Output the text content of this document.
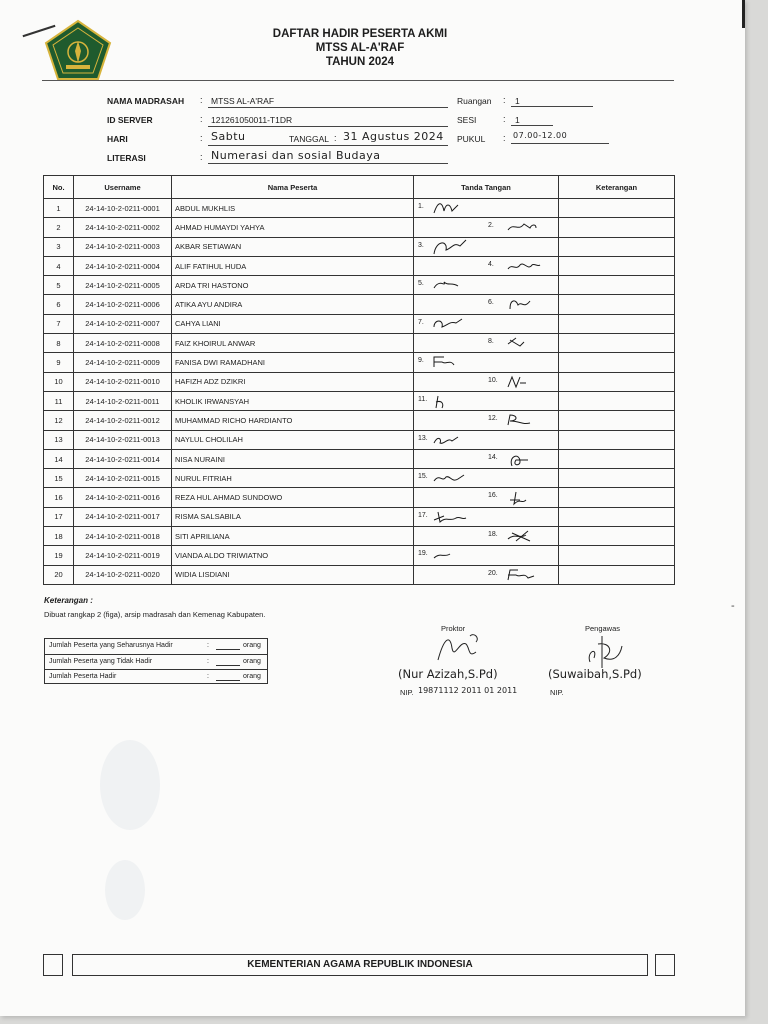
-
DAFTAR HADIR PESERTA AKMI
MTSS AL-A'RAF
TAHUN 2024
NAMA MADRASAH : MTSS AL-A'RAF
ID SERVER	: 121261050011-T1DR
HARI	: Sabtu	TANGGAL : 31 Agustus 2024
LITERASI	: Numerasi dan sosial Budaya
Ruangan : 1
SESI	: 1
PUKUL : 07.00-12.00
No.	Username	Nama Peserta	Tanda Tangan	Keterangan
1	24-14-10-2-0211-0001	ABDUL MUKHLIS	1.	

2	24-14-10-2-0211-0002	AHMAD HUMAYDI YAHYA	2.	

3	24-14-10-2-0211-0003	AKBAR SETIAWAN	3.	

4	24-14-10-2-0211-0004	ALIF FATIHUL HUDA	4.	

5	24-14-10-2-0211-0005	ARDA TRI HASTONO	5.	

6	24-14-10-2-0211-0006	ATIKA AYU ANDIRA	6.	

7	24-14-10-2-0211-0007	CAHYA LIANI	7.	

8	24-14-10-2-0211-0008	FAIZ KHOIRUL ANWAR	8.	

9	24-14-10-2-0211-0009	FANISA DWI RAMADHANI	9.	

10	24-14-10-2-0211-0010	HAFIZH ADZ DZIKRI	10.	

11	24-14-10-2-0211-0011	KHOLIK IRWANSYAH	11.	

12	24-14-10-2-0211-0012	MUHAMMAD RICHO HARDIANTO	12.	

13	24-14-10-2-0211-0013	NAYLUL CHOLILAH	13.	

14	24-14-10-2-0211-0014	NISA NURAINI	14.	

15	24-14-10-2-0211-0015	NURUL FITRIAH	15.	

16	24-14-10-2-0211-0016	REZA HUL AHMAD SUNDOWO	16.	

17	24-14-10-2-0211-0017	RISMA SALSABILA	17.	

18	24-14-10-2-0211-0018	SITI APRILIANA	18.	

19	24-14-10-2-0211-0019	VIANDA ALDO TRIWIATNO	19.	

20	24-14-10-2-0211-0020	WIDIA LISDIANI	20.	

Keterangan :
Dibuat rangkap 2 (figa), arsip madrasah dan Kemenag Kabupaten.
Jumlah Peserta yang Seharusnya Hadir	:	orang
Jumlah Peserta yang Tidak Hadir	:	orang
Jumlah Peserta Hadir	:	orang
Proktor
(Nur Azizah,S.Pd)
NIP. 19871112 2011 01 2011
Pengawas
(Suwaibah,S.Pd)
NIP.
KEMENTERIAN AGAMA REPUBLIK INDONESIA
